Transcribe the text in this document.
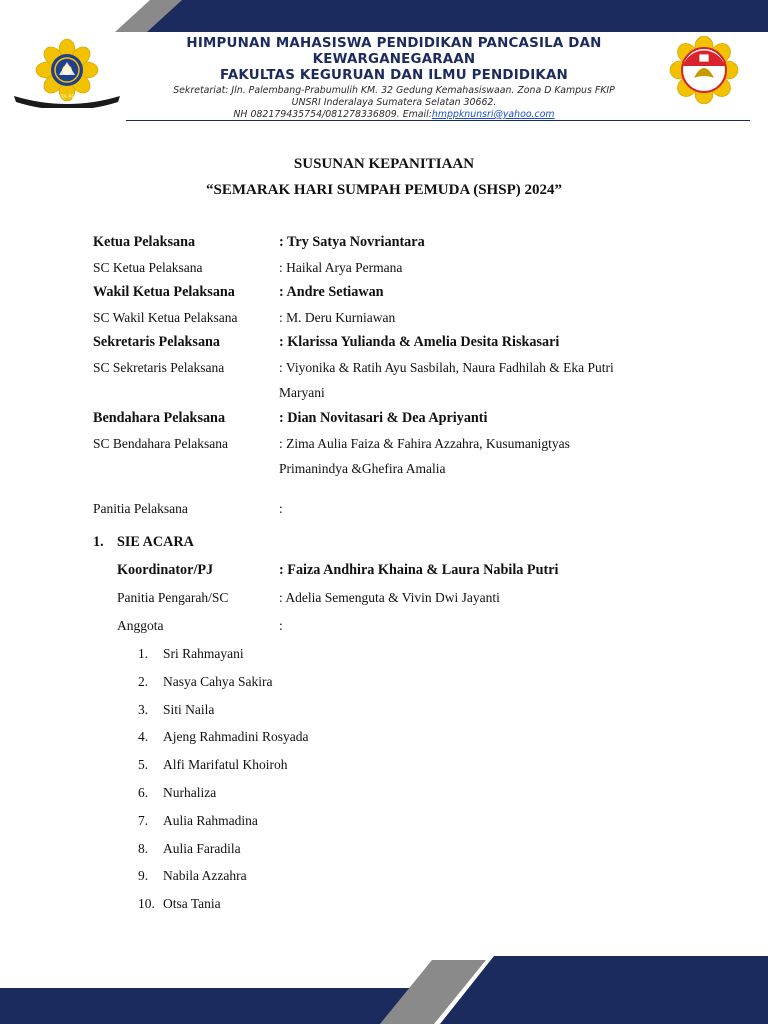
SUMUA KATA PENGABDIAN
HIMPUNAN MAHASISWA PENDIDIKAN PANCASILA DAN
KEWARGANEGARAAN
FAKULTAS KEGURUAN DAN ILMU PENDIDIKAN
Sekretariat: Jln. Palembang-Prabumulih KM. 32 Gedung Kemahasiswaan. Zona D Kampus FKIP
UNSRI Inderalaya Sumatera Selatan 30662.
NH 082179435754/081278336809. Email:hmppknunsri@yahoo.com
SUSUNAN KEPANITIAAN
“SEMARAK HARI SUMPAH PEMUDA (SHSP) 2024”
Ketua Pelaksana	: Try Satya Novriantara
SC Ketua Pelaksana	: Haikal Arya Permana
Wakil Ketua Pelaksana	: Andre Setiawan
SC Wakil Ketua Pelaksana	: M. Deru Kurniawan
Sekretaris Pelaksana	: Klarissa Yulianda & Amelia Desita Riskasari
SC Sekretaris Pelaksana	: Viyonika & Ratih Ayu Sasbilah, Naura Fadhilah & Eka Putri
Maryani
Bendahara Pelaksana	: Dian Novitasari & Dea Apriyanti
SC Bendahara Pelaksana	: Zima Aulia Faiza & Fahira Azzahra, Kusumanigtyas
Primanindya &Ghefira Amalia
Panitia Pelaksana	:
1. SIE ACARA
Koordinator/PJ	: Faiza Andhira Khaina & Laura Nabila Putri
Panitia Pengarah/SC	: Adelia Semenguta & Vivin Dwi Jayanti
Anggota	:
1. Sri Rahmayani
2. Nasya Cahya Sakira
3. Siti Naila
4. Ajeng Rahmadini Rosyada
5. Alfi Marifatul Khoiroh
6. Nurhaliza
7. Aulia Rahmadina
8. Aulia Faradila
9. Nabila Azzahra
10. Otsa Tania
